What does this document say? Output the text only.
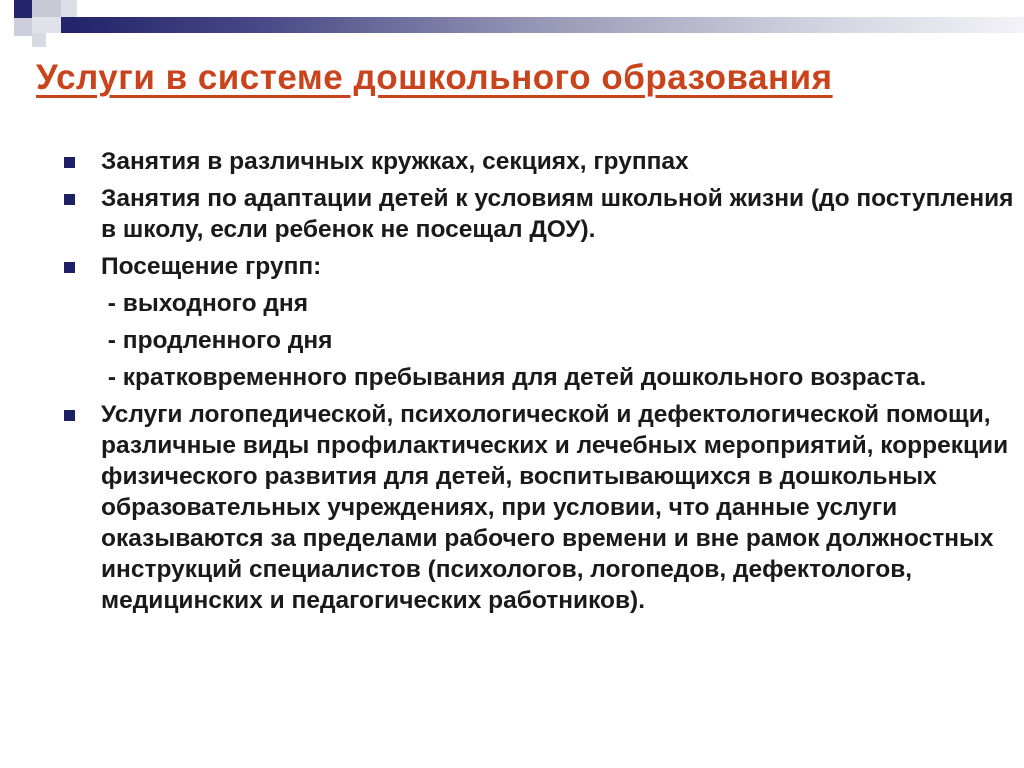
Услуги в системе дошкольного образования
Занятия в различных кружках, секциях, группах
Занятия по адаптации детей к условиям школьной жизни (до поступления в школу, если ребенок не посещал ДОУ).
Посещение групп:
- выходного дня
- продленного дня
- кратковременного пребывания для детей дошкольного возраста.
Услуги логопедической, психологической и дефектологической помощи, различные виды профилактических и лечебных мероприятий, коррекции физического развития для детей, воспитывающихся в дошкольных образовательных учреждениях, при условии, что данные услуги оказываются за пределами рабочего времени и вне рамок должностных инструкций специалистов (психологов, логопедов, дефектологов, медицинских и педагогических работников).
